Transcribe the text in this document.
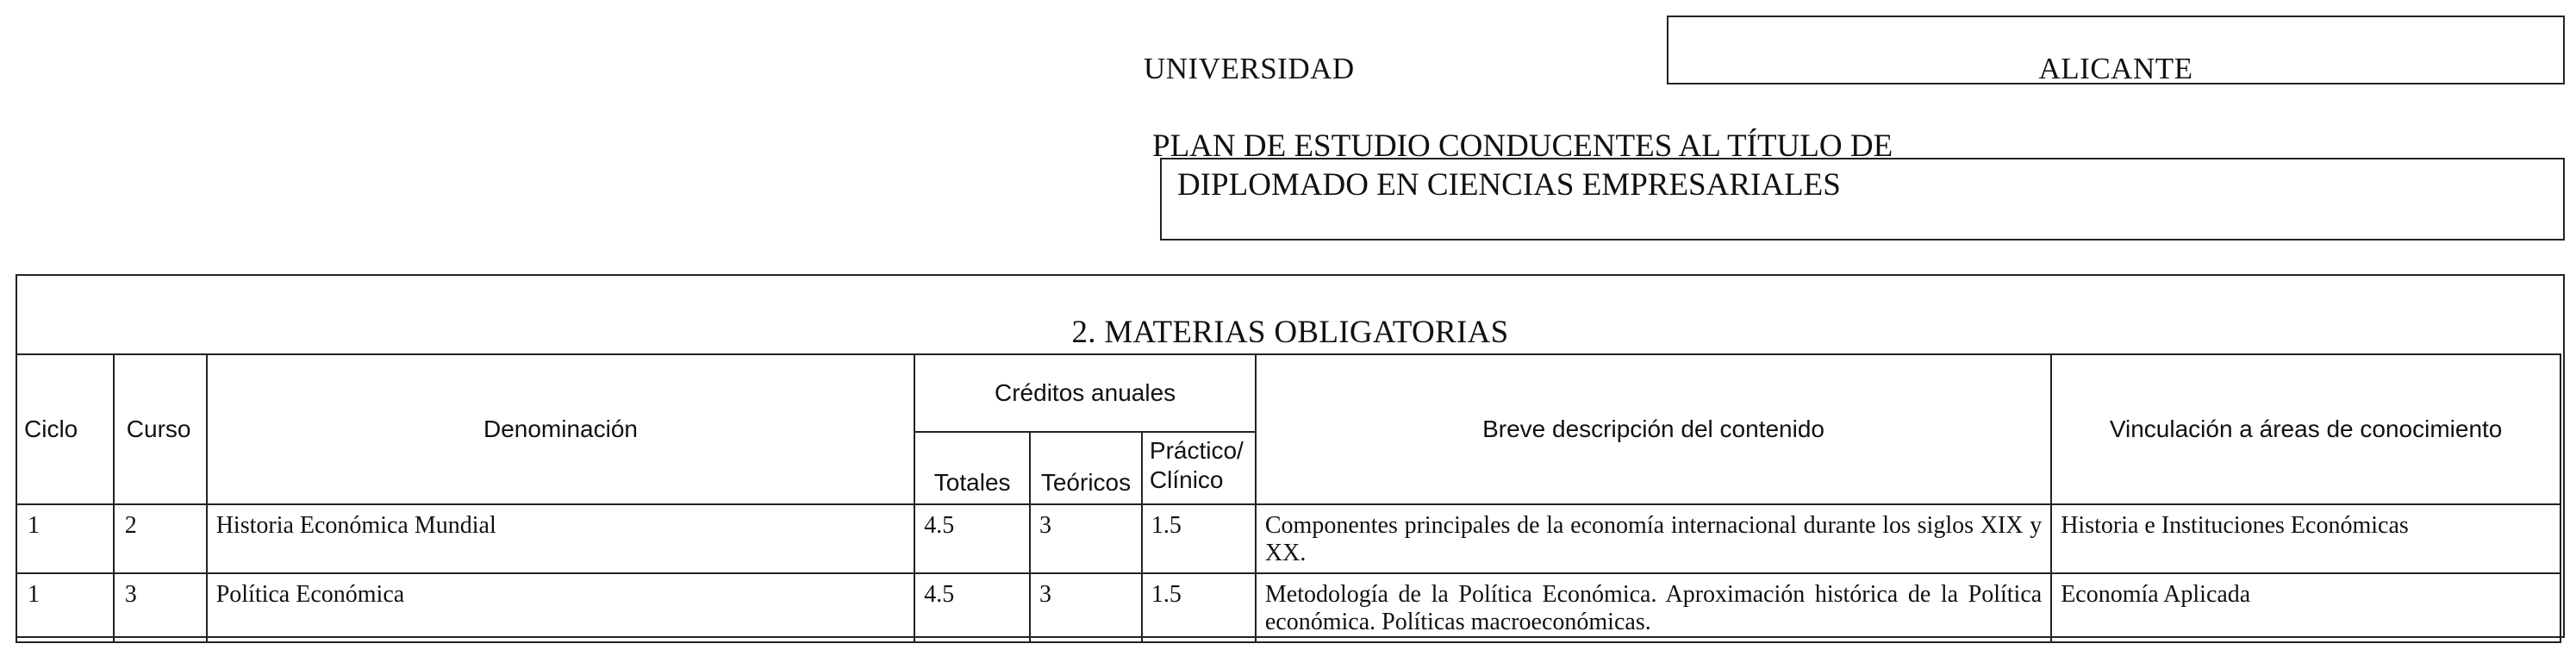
UNIVERSIDAD	ALICANTE
PLAN DE ESTUDIO CONDUCENTES AL TÍTULO DE
DIPLOMADO EN CIENCIAS EMPRESARIALES
2. MATERIAS OBLIGATORIAS
Ciclo	Curso	Denominación	Créditos anuales			Breve descripción del contenido	Vinculación a áreas de conocimiento
			Totales	Teóricos	Práctico/ Clínico		
1	2	Historia Económica Mundial	4.5	3	1.5	Componentes principales de la economía internacional durante los siglos XIX y XX.	Historia e Instituciones Económicas
1	3	Política Económica	4.5	3	1.5	Metodología de la Política Económica. Aproximación histórica de la Política económica. Políticas macroeconómicas.	Economía Aplicada
